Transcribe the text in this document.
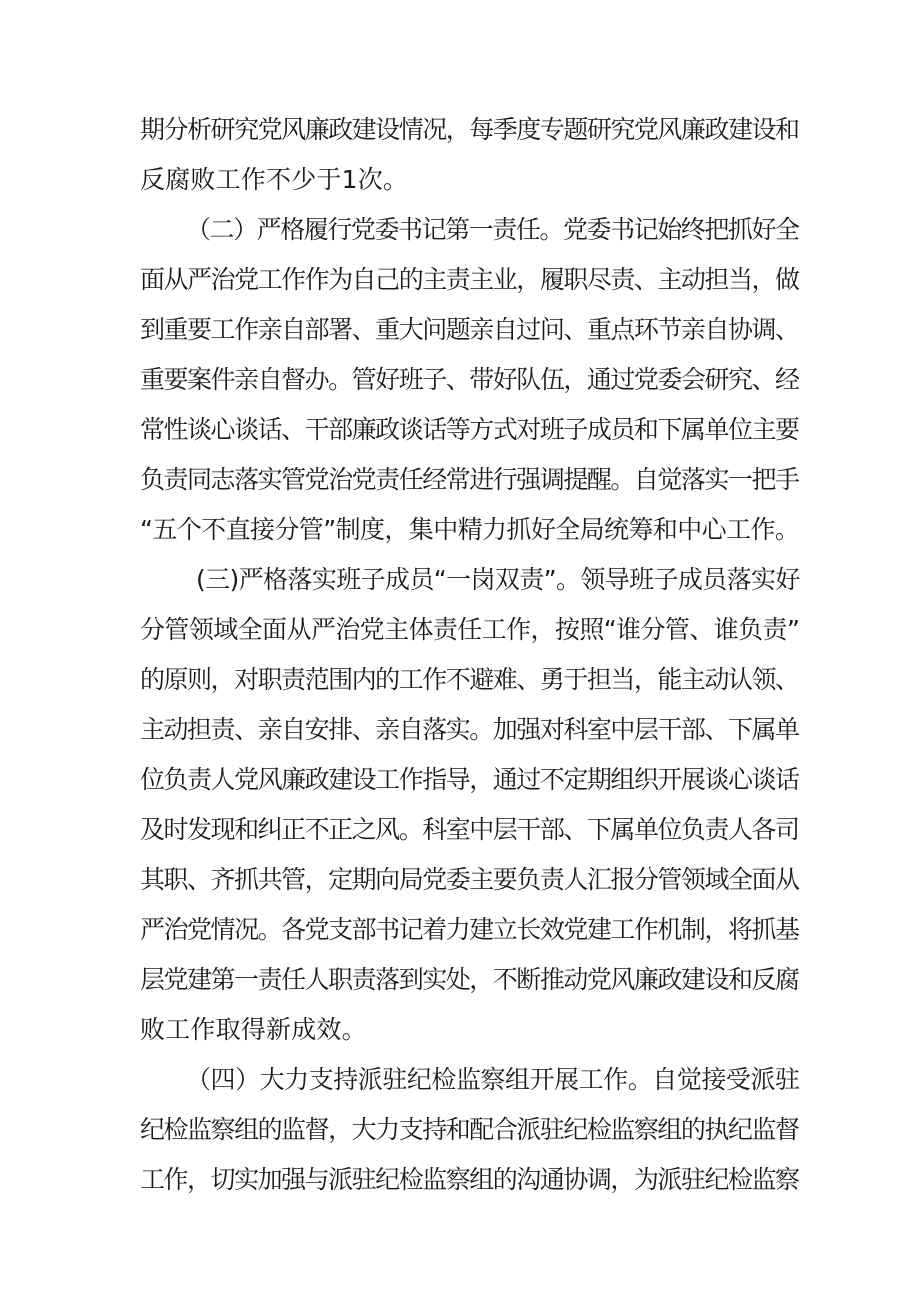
期分析研究党风廉政建设情况，每季度专题研究党风廉政建设和
反腐败工作不少于1次。
（二）严格履行党委书记第一责任。党委书记始终把抓好全
面从严治党工作作为自己的主责主业，履职尽责、主动担当，做
到重要工作亲自部署、重大问题亲自过问、重点环节亲自协调、
重要案件亲自督办。管好班子、带好队伍，通过党委会研究、经
常性谈心谈话、干部廉政谈话等方式对班子成员和下属单位主要
负责同志落实管党治党责任经常进行强调提醒。自觉落实一把手
“五个不直接分管”制度，集中精力抓好全局统筹和中心工作。
(三)严格落实班子成员“一岗双责”。领导班子成员落实好
分管领域全面从严治党主体责任工作，按照“谁分管、谁负责”
的原则，对职责范围内的工作不避难、勇于担当，能主动认领、
主动担责、亲自安排、亲自落实。加强对科室中层干部、下属单
位负责人党风廉政建设工作指导，通过不定期组织开展谈心谈话
及时发现和纠正不正之风。科室中层干部、下属单位负责人各司
其职、齐抓共管，定期向局党委主要负责人汇报分管领域全面从
严治党情况。各党支部书记着力建立长效党建工作机制，将抓基
层党建第一责任人职责落到实处，不断推动党风廉政建设和反腐
败工作取得新成效。
（四）大力支持派驻纪检监察组开展工作。自觉接受派驻
纪检监察组的监督，大力支持和配合派驻纪检监察组的执纪监督
工作，切实加强与派驻纪检监察组的沟通协调，为派驻纪检监察
